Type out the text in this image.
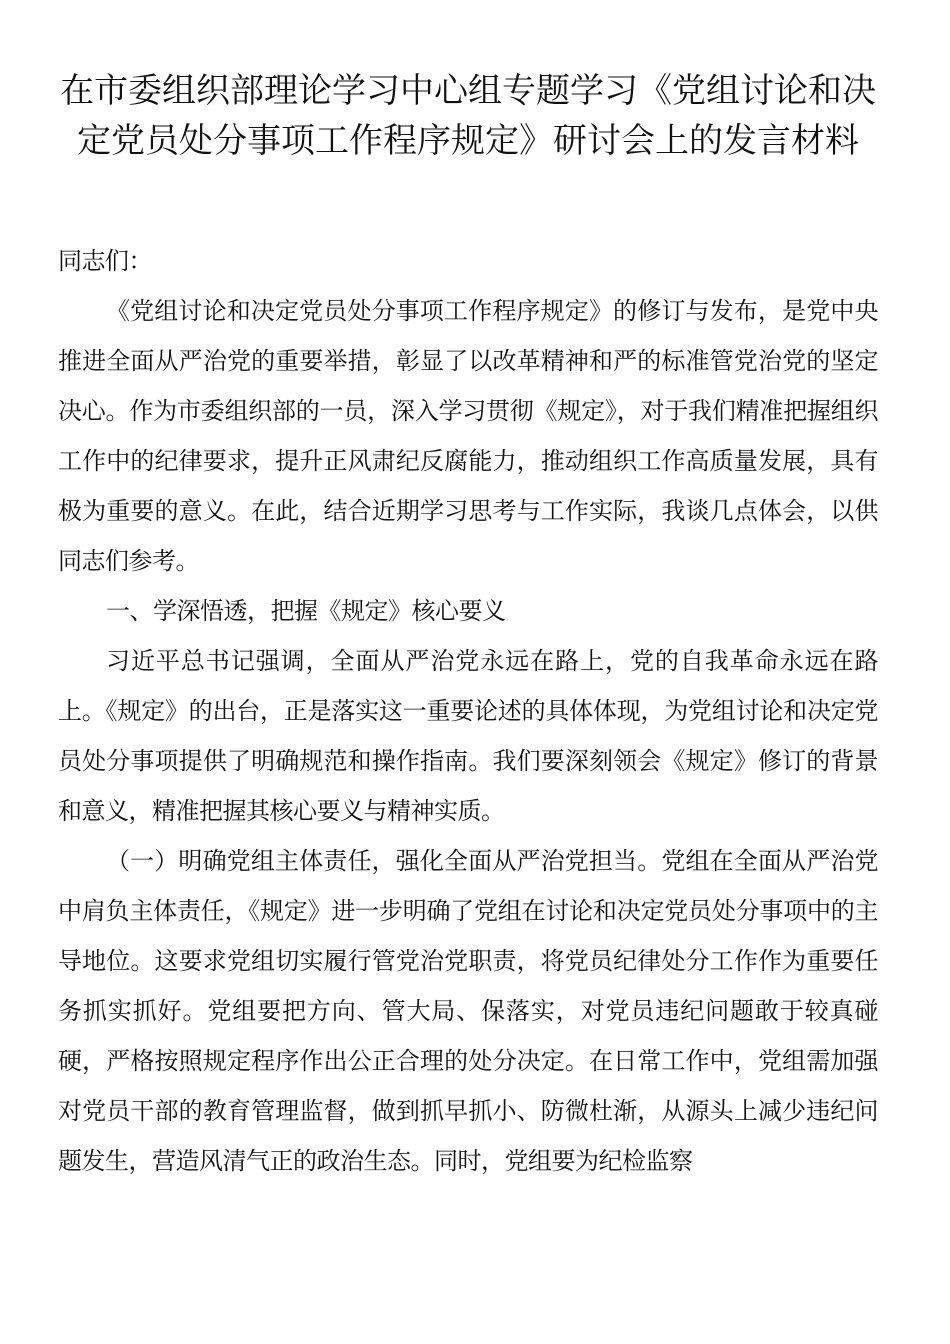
在市委组织部理论学习中心组专题学习《党组讨论和决定党员处分事项工作程序规定》研讨会上的发言材料

同志们：

《党组讨论和决定党员处分事项工作程序规定》的修订与发布，是党中央推进全面从严治党的重要举措，彰显了以改革精神和严的标准管党治党的坚定决心。作为市委组织部的一员，深入学习贯彻《规定》，对于我们精准把握组织工作中的纪律要求，提升正风肃纪反腐能力，推动组织工作高质量发展，具有极为重要的意义。在此，结合近期学习思考与工作实际，我谈几点体会，以供同志们参考。

一、学深悟透，把握《规定》核心要义

习近平总书记强调，全面从严治党永远在路上，党的自我革命永远在路上。《规定》的出台，正是落实这一重要论述的具体体现，为党组讨论和决定党员处分事项提供了明确规范和操作指南。我们要深刻领会《规定》修订的背景和意义，精准把握其核心要义与精神实质。

（一）明确党组主体责任，强化全面从严治党担当。党组在全面从严治党中肩负主体责任，《规定》进一步明确了党组在讨论和决定党员处分事项中的主导地位。这要求党组切实履行管党治党职责，将党员纪律处分工作作为重要任务抓实抓好。党组要把方向、管大局、保落实，对党员违纪问题敢于较真碰硬，严格按照规定程序作出公正合理的处分决定。在日常工作中，党组需加强对党员干部的教育管理监督，做到抓早抓小、防微杜渐，从源头上减少违纪问题发生，营造风清气正的政治生态。同时，党组要为纪检监察
